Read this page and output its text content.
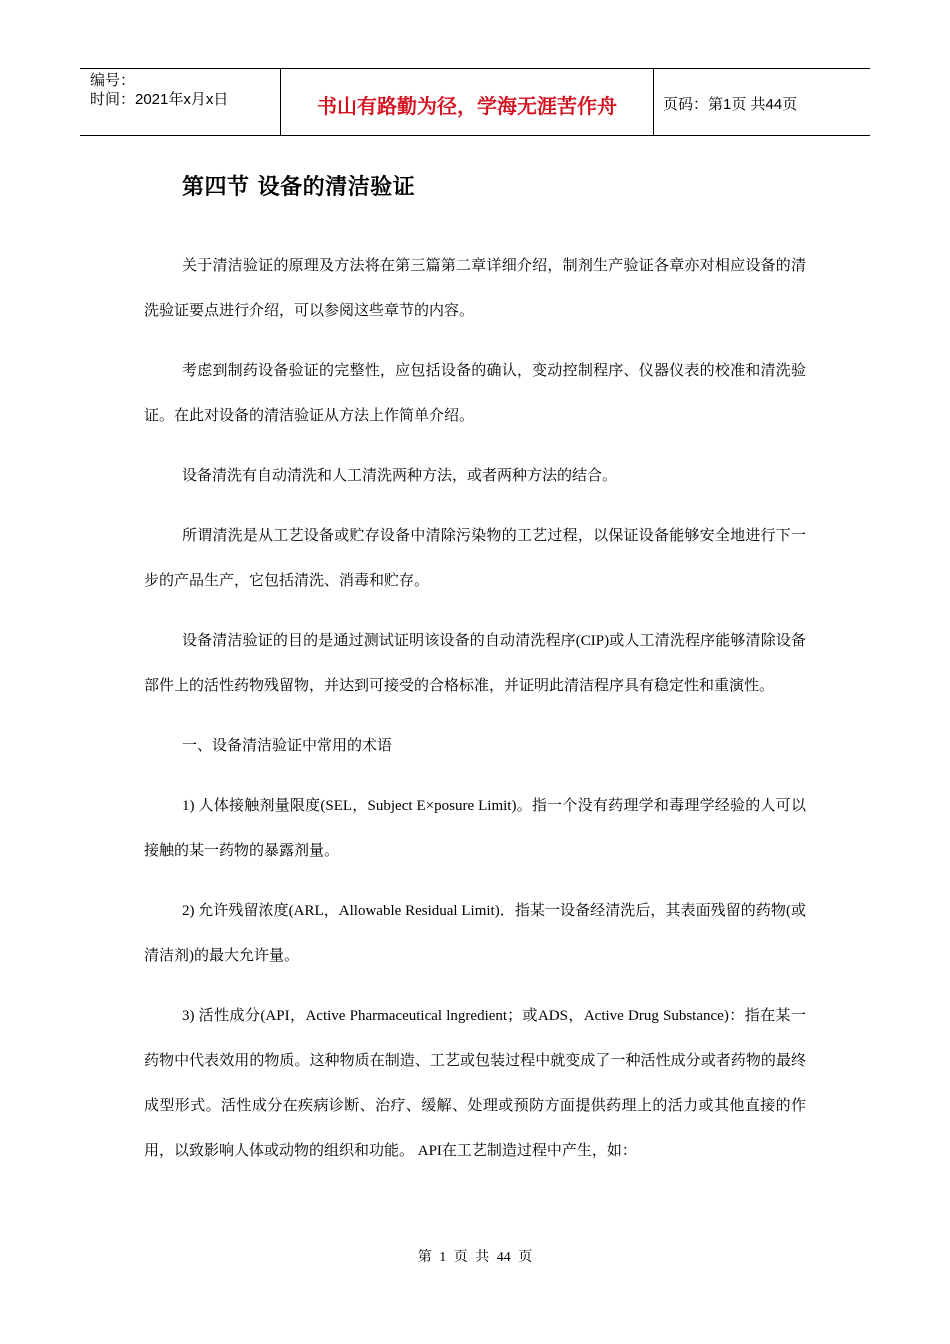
编号：
时间：2021年x月x日	书山有路勤为径，学海无涯苦作舟	页码：第1页 共44页
第四节 设备的清洁验证

关于清洁验证的原理及方法将在第三篇第二章详细介绍，制剂生产验证各章亦对相应设备的清洗验证要点进行介绍，可以参阅这些章节的内容。

考虑到制药设备验证的完整性，应包括设备的确认，变动控制程序、仪器仪表的校准和清洗验证。在此对设备的清洁验证从方法上作简单介绍。

设备清洗有自动清洗和人工清洗两种方法，或者两种方法的结合。

所谓清洗是从工艺设备或贮存设备中清除污染物的工艺过程，以保证设备能够安全地进行下一步的产品生产，它包括清洗、消毒和贮存。

设备清洁验证的目的是通过测试证明该设备的自动清洗程序(CIP)或人工清洗程序能够清除设备部件上的活性药物残留物，并达到可接受的合格标准，并证明此清洁程序具有稳定性和重演性。

一、设备清洁验证中常用的术语

1) 人体接触剂量限度(SEL，Subject E×posure Limit)。指一个没有药理学和毒理学经验的人可以接触的某一药物的暴露剂量。

2) 允许残留浓度(ARL，Allowable Residual Limit)．指某一设备经清洗后，其表面残留的药物(或清洁剂)的最大允许量。

3) 活性成分(API，Active Pharmaceutical lngredient；或ADS，Active Drug Substance)：指在某一药物中代表效用的物质。这种物质在制造、工艺或包装过程中就变成了一种活性成分或者药物的最终成型形式。活性成分在疾病诊断、治疗、缓解、处理或预防方面提供药理上的活力或其他直接的作用，以致影响人体或动物的组织和功能。 API在工艺制造过程中产生，如：

第 1 页 共 44 页
